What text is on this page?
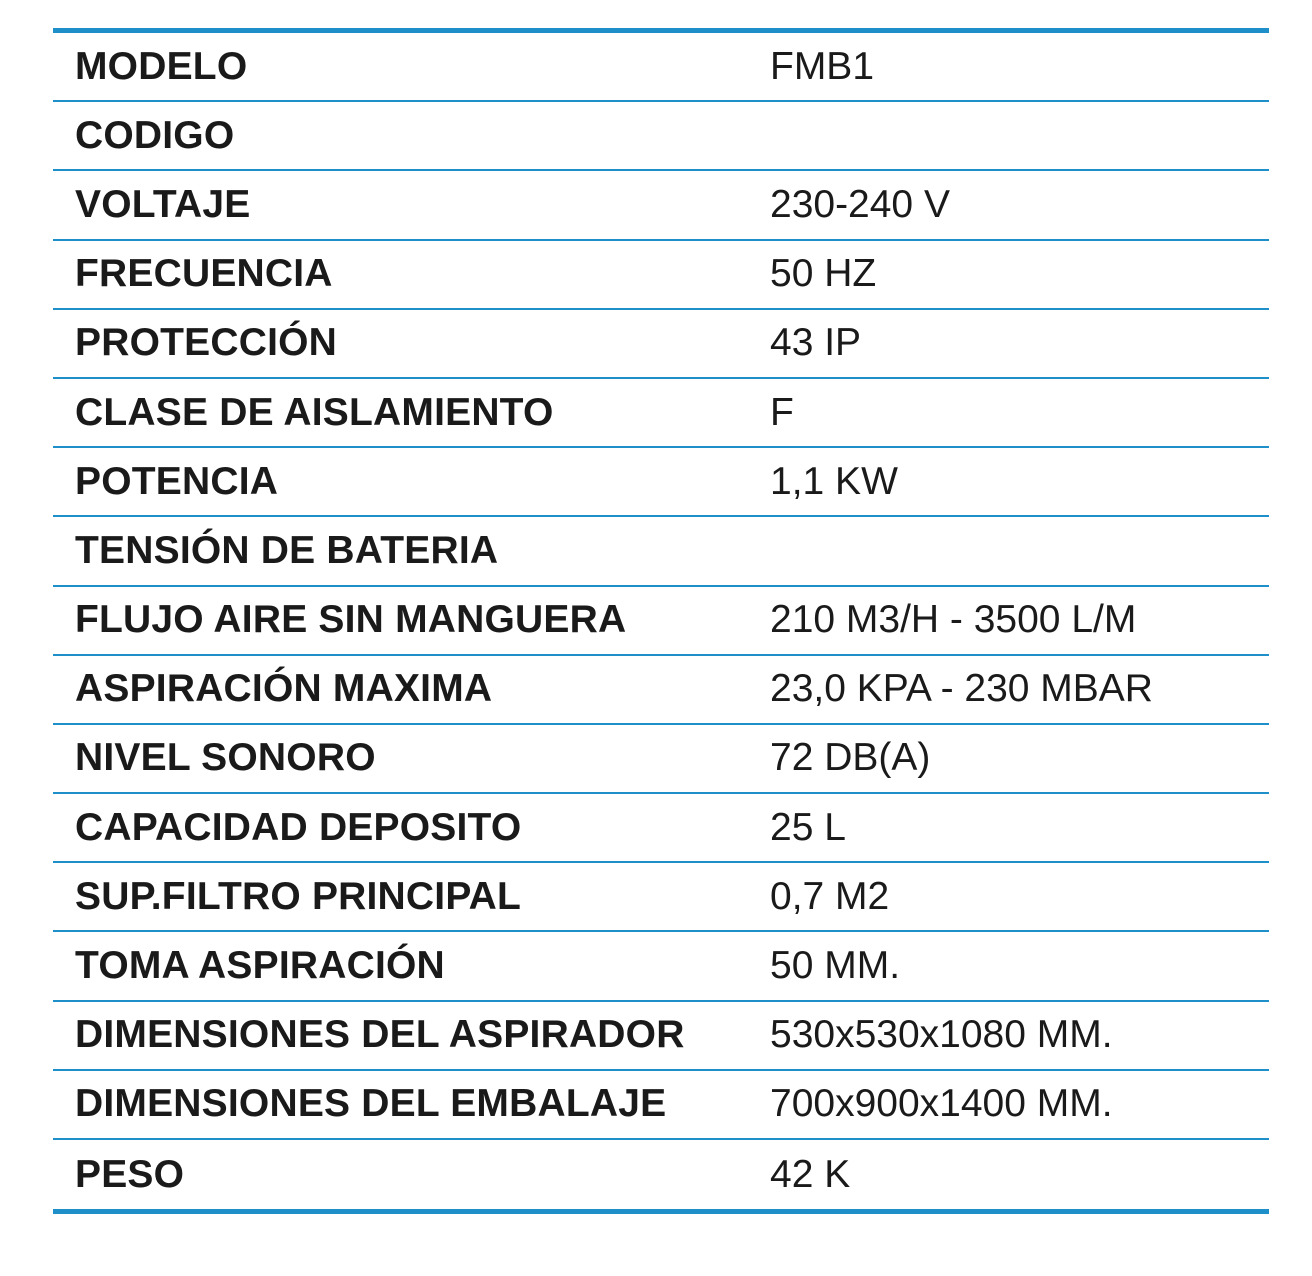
MODELO	FMB1
CODIGO
VOLTAJE	230-240 V
FRECUENCIA	50 HZ
PROTECCIÓN	43 IP
CLASE DE AISLAMIENTO	F
POTENCIA	1,1 KW
TENSIÓN DE BATERIA
FLUJO AIRE SIN MANGUERA	210 M3/H - 3500 L/M
ASPIRACIÓN MAXIMA	23,0 KPA - 230 MBAR
NIVEL SONORO	72 DB(A)
CAPACIDAD DEPOSITO	25 L
SUP.FILTRO PRINCIPAL	0,7 M2
TOMA ASPIRACIÓN	50 MM.
DIMENSIONES DEL ASPIRADOR	530x530x1080 MM.
DIMENSIONES DEL EMBALAJE	700x900x1400 MM.
PESO	42 K
